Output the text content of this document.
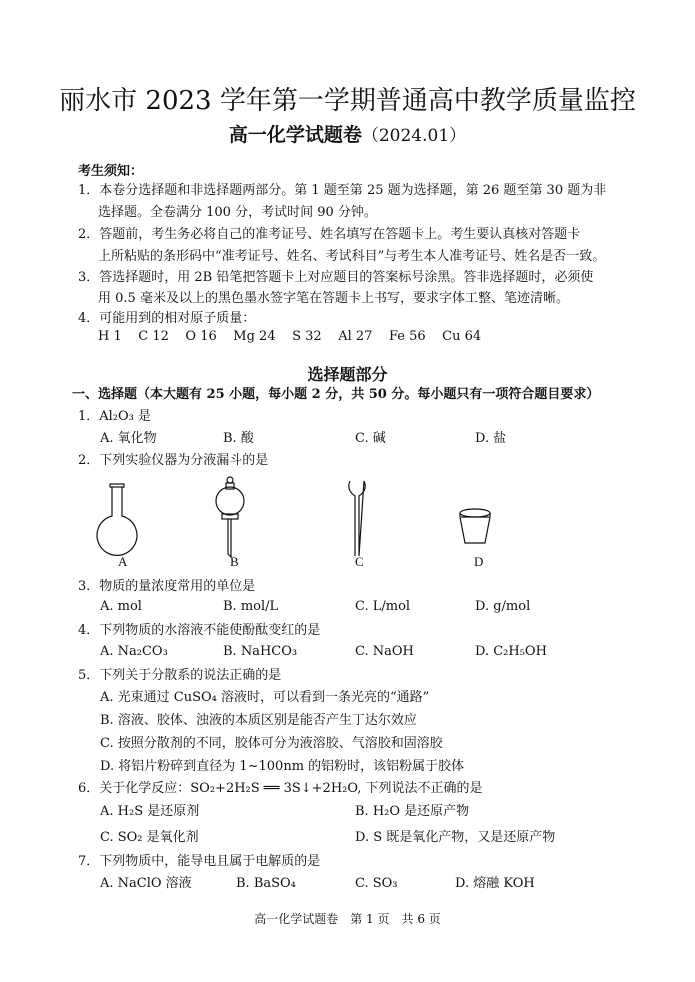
丽水市 2023 学年第一学期普通高中教学质量监控
高一化学试题卷（2024.01）
考生须知：
1．本卷分选择题和非选择题两部分。第 1 题至第 25 题为选择题，第 26 题至第 30 题为非
选择题。全卷满分 100 分，考试时间 90 分钟。
2．答题前，考生务必将自己的准考证号、姓名填写在答题卡上。考生要认真核对答题卡
上所粘贴的条形码中“准考证号、姓名、考试科目”与考生本人准考证号、姓名是否一致。
3．答选择题时，用 2B 铅笔把答题卡上对应题目的答案标号涂黑。答非选择题时，必须使
用 0.5 毫米及以上的黑色墨水签字笔在答题卡上书写，要求字体工整、笔迹清晰。
4．可能用到的相对原子质量：
H 1    C 12    O 16    Mg 24    S 32    Al 27    Fe 56    Cu 64
选择题部分
一、选择题（本大题有 25 小题，每小题 2 分，共 50 分。每小题只有一项符合题目要求）
1．Al₂O₃ 是
A. 氧化物	B. 酸	C. 碱	D. 盐
2．下列实验仪器为分液漏斗的是
A	B	C	D
3．物质的量浓度常用的单位是
A. mol	B. mol/L	C. L/mol	D. g/mol
4．下列物质的水溶液不能使酚酞变红的是
A. Na₂CO₃	B. NaHCO₃	C. NaOH	D. C₂H₅OH
5．下列关于分散系的说法正确的是
A. 光束通过 CuSO₄ 溶液时，可以看到一条光亮的“通路”
B. 溶液、胶体、浊液的本质区别是能否产生丁达尔效应
C. 按照分散剂的不同，胶体可分为液溶胶、气溶胶和固溶胶
D. 将铝片粉碎到直径为 1~100nm 的铝粉时，该铝粉属于胶体
6．关于化学反应：SO₂+2H₂S ══ 3S↓+2H₂O, 下列说法不正确的是
A. H₂S 是还原剂	B. H₂O 是还原产物
C. SO₂ 是氧化剂	D. S 既是氧化产物，又是还原产物
7．下列物质中，能导电且属于电解质的是
A. NaClO 溶液	B. BaSO₄	C. SO₃	D. 熔融 KOH
高一化学试题卷　第 1 页　共 6 页
